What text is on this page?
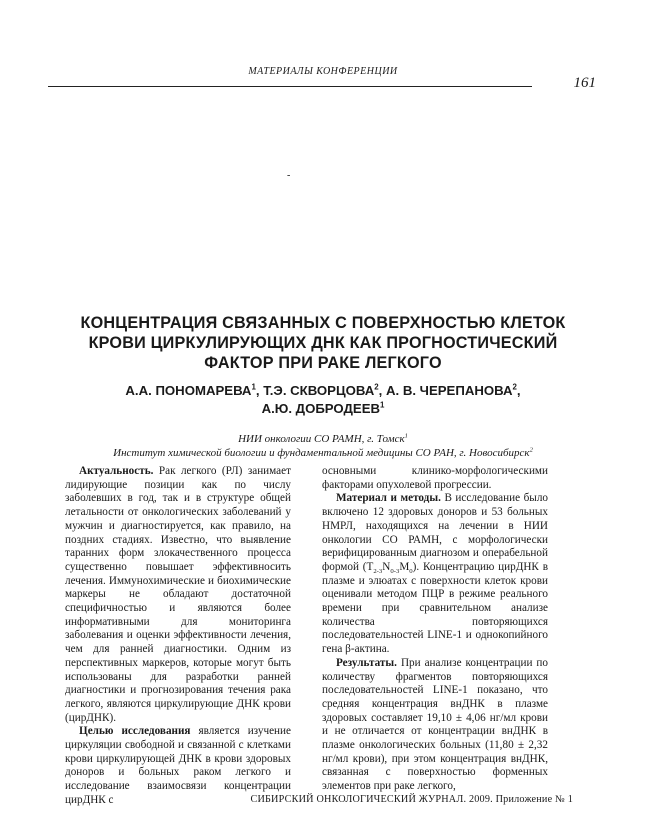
МАТЕРИАЛЫ КОНФЕРЕНЦИИ
161
-
КОНЦЕНТРАЦИЯ СВЯЗАННЫХ С ПОВЕРХНОСТЬЮ КЛЕТОК
КРОВИ ЦИРКУЛИРУЮЩИХ ДНК КАК ПРОГНОСТИЧЕСКИЙ
ФАКТОР ПРИ РАКЕ ЛЕГКОГО
А.А. ПОНОМАРЕВА$^1$, Т.Э. СКВОРЦОВА$^2$, А. В. ЧЕРЕПАНОВА$^2$,
А.Ю. ДОБРОДЕЕВ$^1$
НИИ онкологии СО РАМН, г. Томск$^1$
Институт химической биологии и фундаментальной медицины СО РАН, г. Новосибирск$^2$

Актуальность. Рак легкого (РЛ) занимает лидирующие позиции как по числу заболевших в год, так и в структуре общей летальности от онкологических заболеваний у мужчин и диагностируется, как правило, на поздних стадиях. Известно, что выявление таранних форм злокачественного процесса существенно повышает эффективносить лечения. Иммунохимические и биохимические маркеры не обладают достаточной специфичностью и являются более информативными для мониторинга заболевания и оценки эффективности лечения, чем для ранней диагностики. Одним из перспективных маркеров, которые могут быть использованы для разработки ранней диагностики и прогнозирования течения рака легкого, являются циркулирующие ДНК крови (цирДНК).

Целью исследования является изучение циркуляции свободной и связанной с клетками крови циркулирующей ДНК в крови здоровых доноров и больных раком легкого и исследование взаимосвязи концентрации цирДНК с

основными клинико-морфологическими факторами опухолевой прогрессии.

Материал и методы. В исследование было включено 12 здоровых доноров и 53 больных НМРЛ, находящихся на лечении в НИИ онкологии СО РАМН, с морфологически верифицированным диагнозом и операбельной формой $(Т_{2-3}N_{0-3}M_0)$. Концентрацию цирДНК в плазме и элюатах с поверхности клеток крови оценивали методом ПЦР в режиме реального времени при сравнительном анализе количества повторяющихся последовательностей LINE-1 и однокопийного гена β-актина.

Результаты. При анализе концентрации по количеству фрагментов повторяющихся последовательностей LINE-1 показано, что средняя концентрация внДНК в плазме здоровых составляет 19,10 ± 4,06 нг/мл крови и не отличается от концентрации внДНК в плазме онкологических больных (11,80 ± 2,32 нг/мл крови), при этом концентрация внДНК, связанная с поверхностью форменных элементов при раке легкого,

СИБИРСКИЙ ОНКОЛОГИЧЕСКИЙ ЖУРНАЛ. 2009. Приложение № 1
